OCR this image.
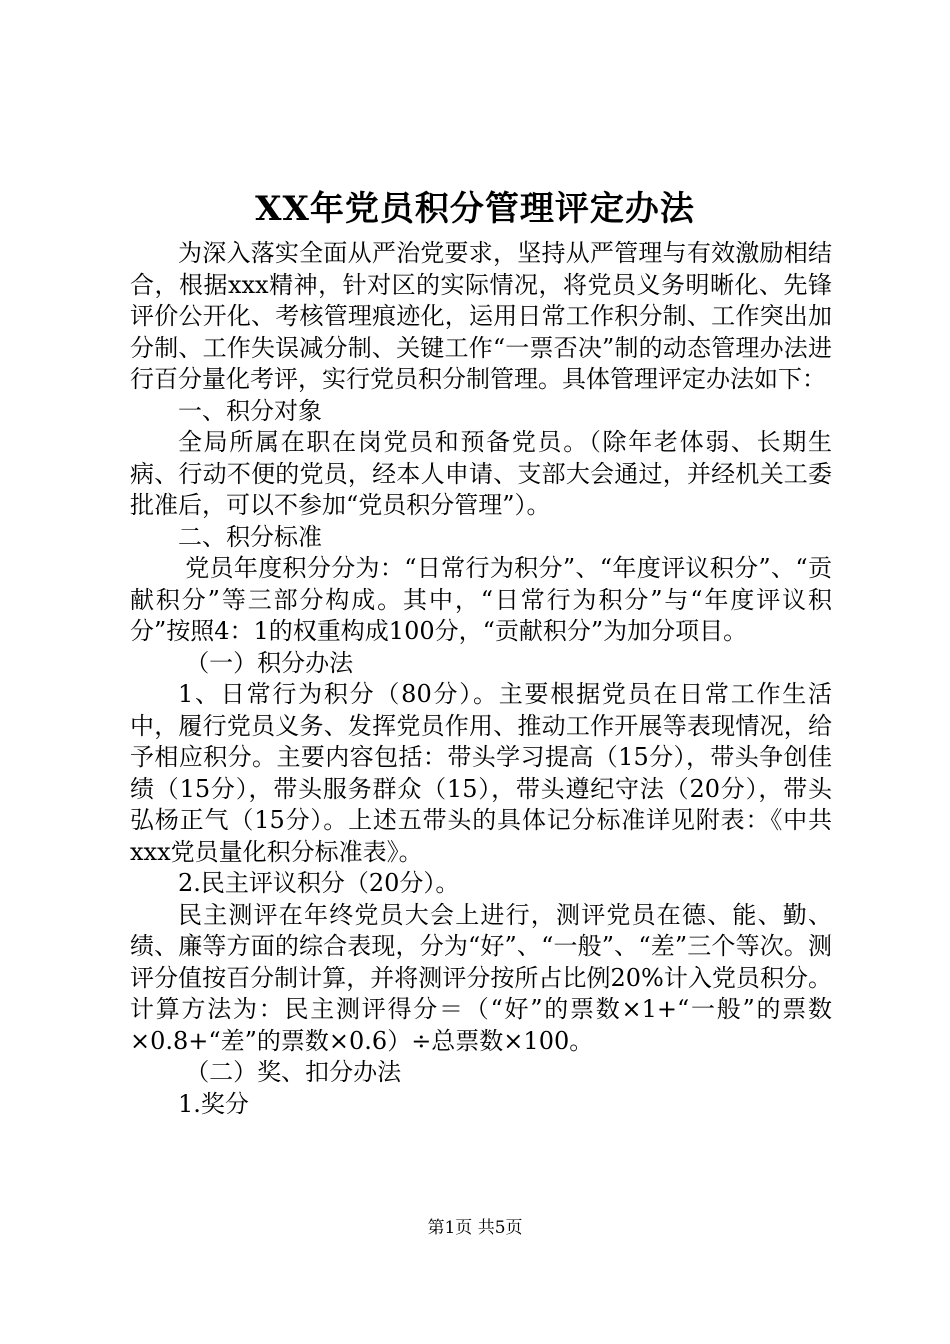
XX年党员积分管理评定办法

为深入落实全面从严治党要求，坚持从严管理与有效激励相结合，根据xxx精神，针对区的实际情况，将党员义务明晰化、先锋评价公开化、考核管理痕迹化，运用日常工作积分制、工作突出加分制、工作失误减分制、关键工作“一票否决”制的动态管理办法进行百分量化考评，实行党员积分制管理。具体管理评定办法如下：

一、积分对象

全局所属在职在岗党员和预备党员。（除年老体弱、长期生病、行动不便的党员，经本人申请、支部大会通过，并经机关工委批准后，可以不参加“党员积分管理”）。

二、积分标准

党员年度积分分为：“日常行为积分”、“年度评议积分”、“贡献积分”等三部分构成。其中，“日常行为积分”与“年度评议积分”按照4：1的权重构成100分，“贡献积分”为加分项目。

（一）积分办法

1、日常行为积分（80分）。主要根据党员在日常工作生活中，履行党员义务、发挥党员作用、推动工作开展等表现情况，给予相应积分。主要内容包括：带头学习提高（15分），带头争创佳绩（15分），带头服务群众（15），带头遵纪守法（20分），带头弘杨正气（15分）。上述五带头的具体记分标准详见附表：《中共xxx党员量化积分标准表》。

2.民主评议积分（20分）。

民主测评在年终党员大会上进行，测评党员在德、能、勤、绩、廉等方面的综合表现，分为“好”、“一般”、“差”三个等次。测评分值按百分制计算，并将测评分按所占比例20%计入党员积分。计算方法为：民主测评得分＝（“好”的票数×1+“一般”的票数×0.8+“差”的票数×0.6）÷总票数×100。

（二）奖、扣分办法

1.奖分

第1页 共5页
